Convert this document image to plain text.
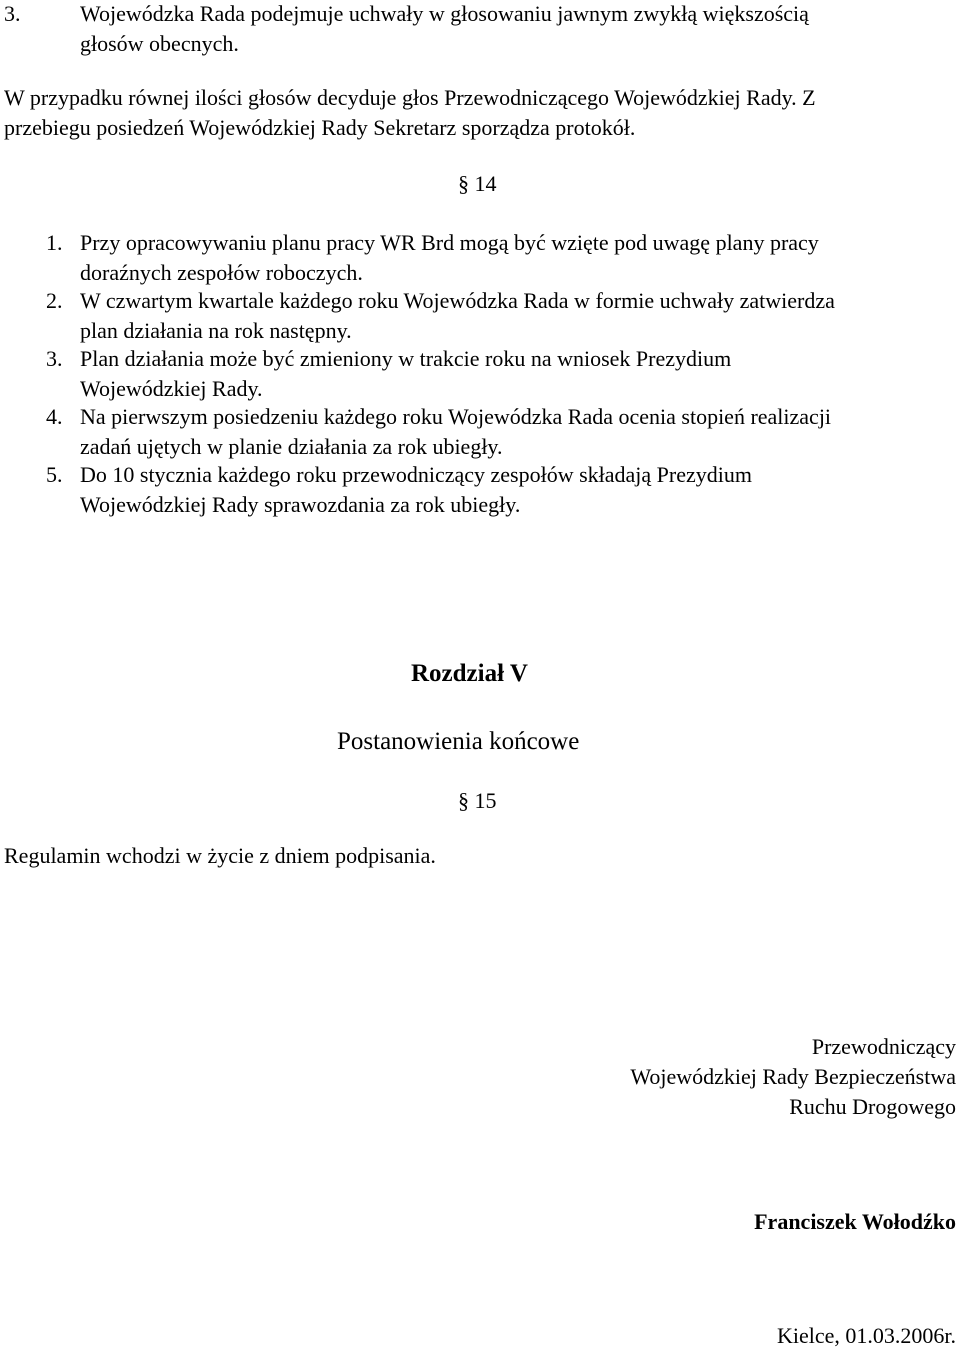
3.	Wojewódzka Rada podejmuje uchwały w głosowaniu jawnym zwykłą większością
głosów obecnych.
W przypadku równej ilości głosów decyduje głos Przewodniczącego Wojewódzkiej Rady. Z
przebiegu posiedzeń Wojewódzkiej Rady Sekretarz sporządza protokół.
§ 14
1. Przy opracowywaniu planu pracy WR Brd mogą być wzięte pod uwagę plany pracy
doraźnych zespołów roboczych.
2. W czwartym kwartale każdego roku Wojewódzka Rada w formie uchwały zatwierdza
plan działania na rok następny.
3. Plan działania może być zmieniony w trakcie roku na wniosek Prezydium
Wojewódzkiej Rady.
4. Na pierwszym posiedzeniu każdego roku Wojewódzka Rada ocenia stopień realizacji
zadań ujętych w planie działania za rok ubiegły.
5. Do 10 stycznia każdego roku przewodniczący zespołów składają Prezydium
Wojewódzkiej Rady sprawozdania za rok ubiegły.
Rozdział V
Postanowienia końcowe
§ 15
Regulamin wchodzi w życie z dniem podpisania.
Przewodniczący
Wojewódzkiej Rady Bezpieczeństwa
Ruchu Drogowego
Franciszek Wołodźko
Kielce, 01.03.2006r.
